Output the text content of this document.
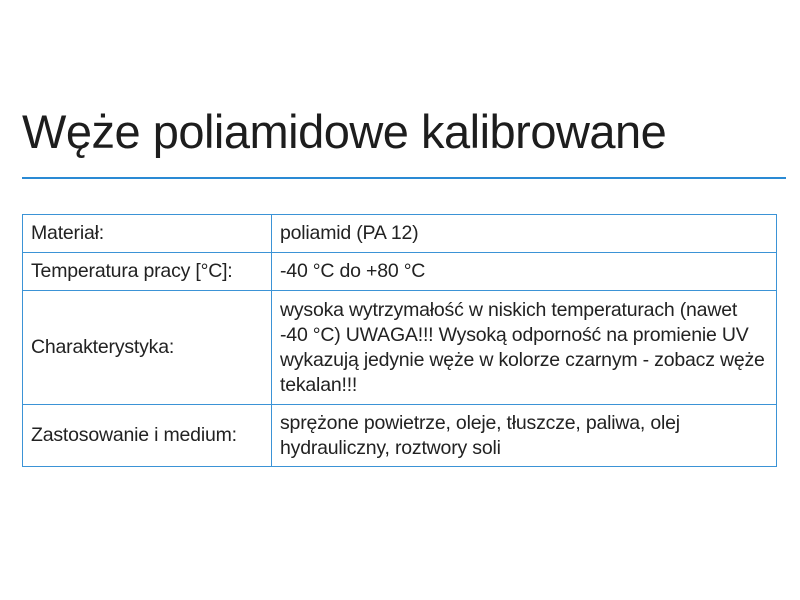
Węże poliamidowe kalibrowane
Materiał:	poliamid (PA 12)
Temperatura pracy [°C]:	-40 °C do +80 °C
Charakterystyka:	wysoka wytrzymałość w niskich temperaturach (nawet -40 °C) UWAGA!!! Wysoką odporność na promienie UV wykazują jedynie węże w kolorze czarnym - zobacz węże tekalan!!!
Zastosowanie i medium:	sprężone powietrze, oleje, tłuszcze, paliwa, olej hydrauliczny, roztwory soli
